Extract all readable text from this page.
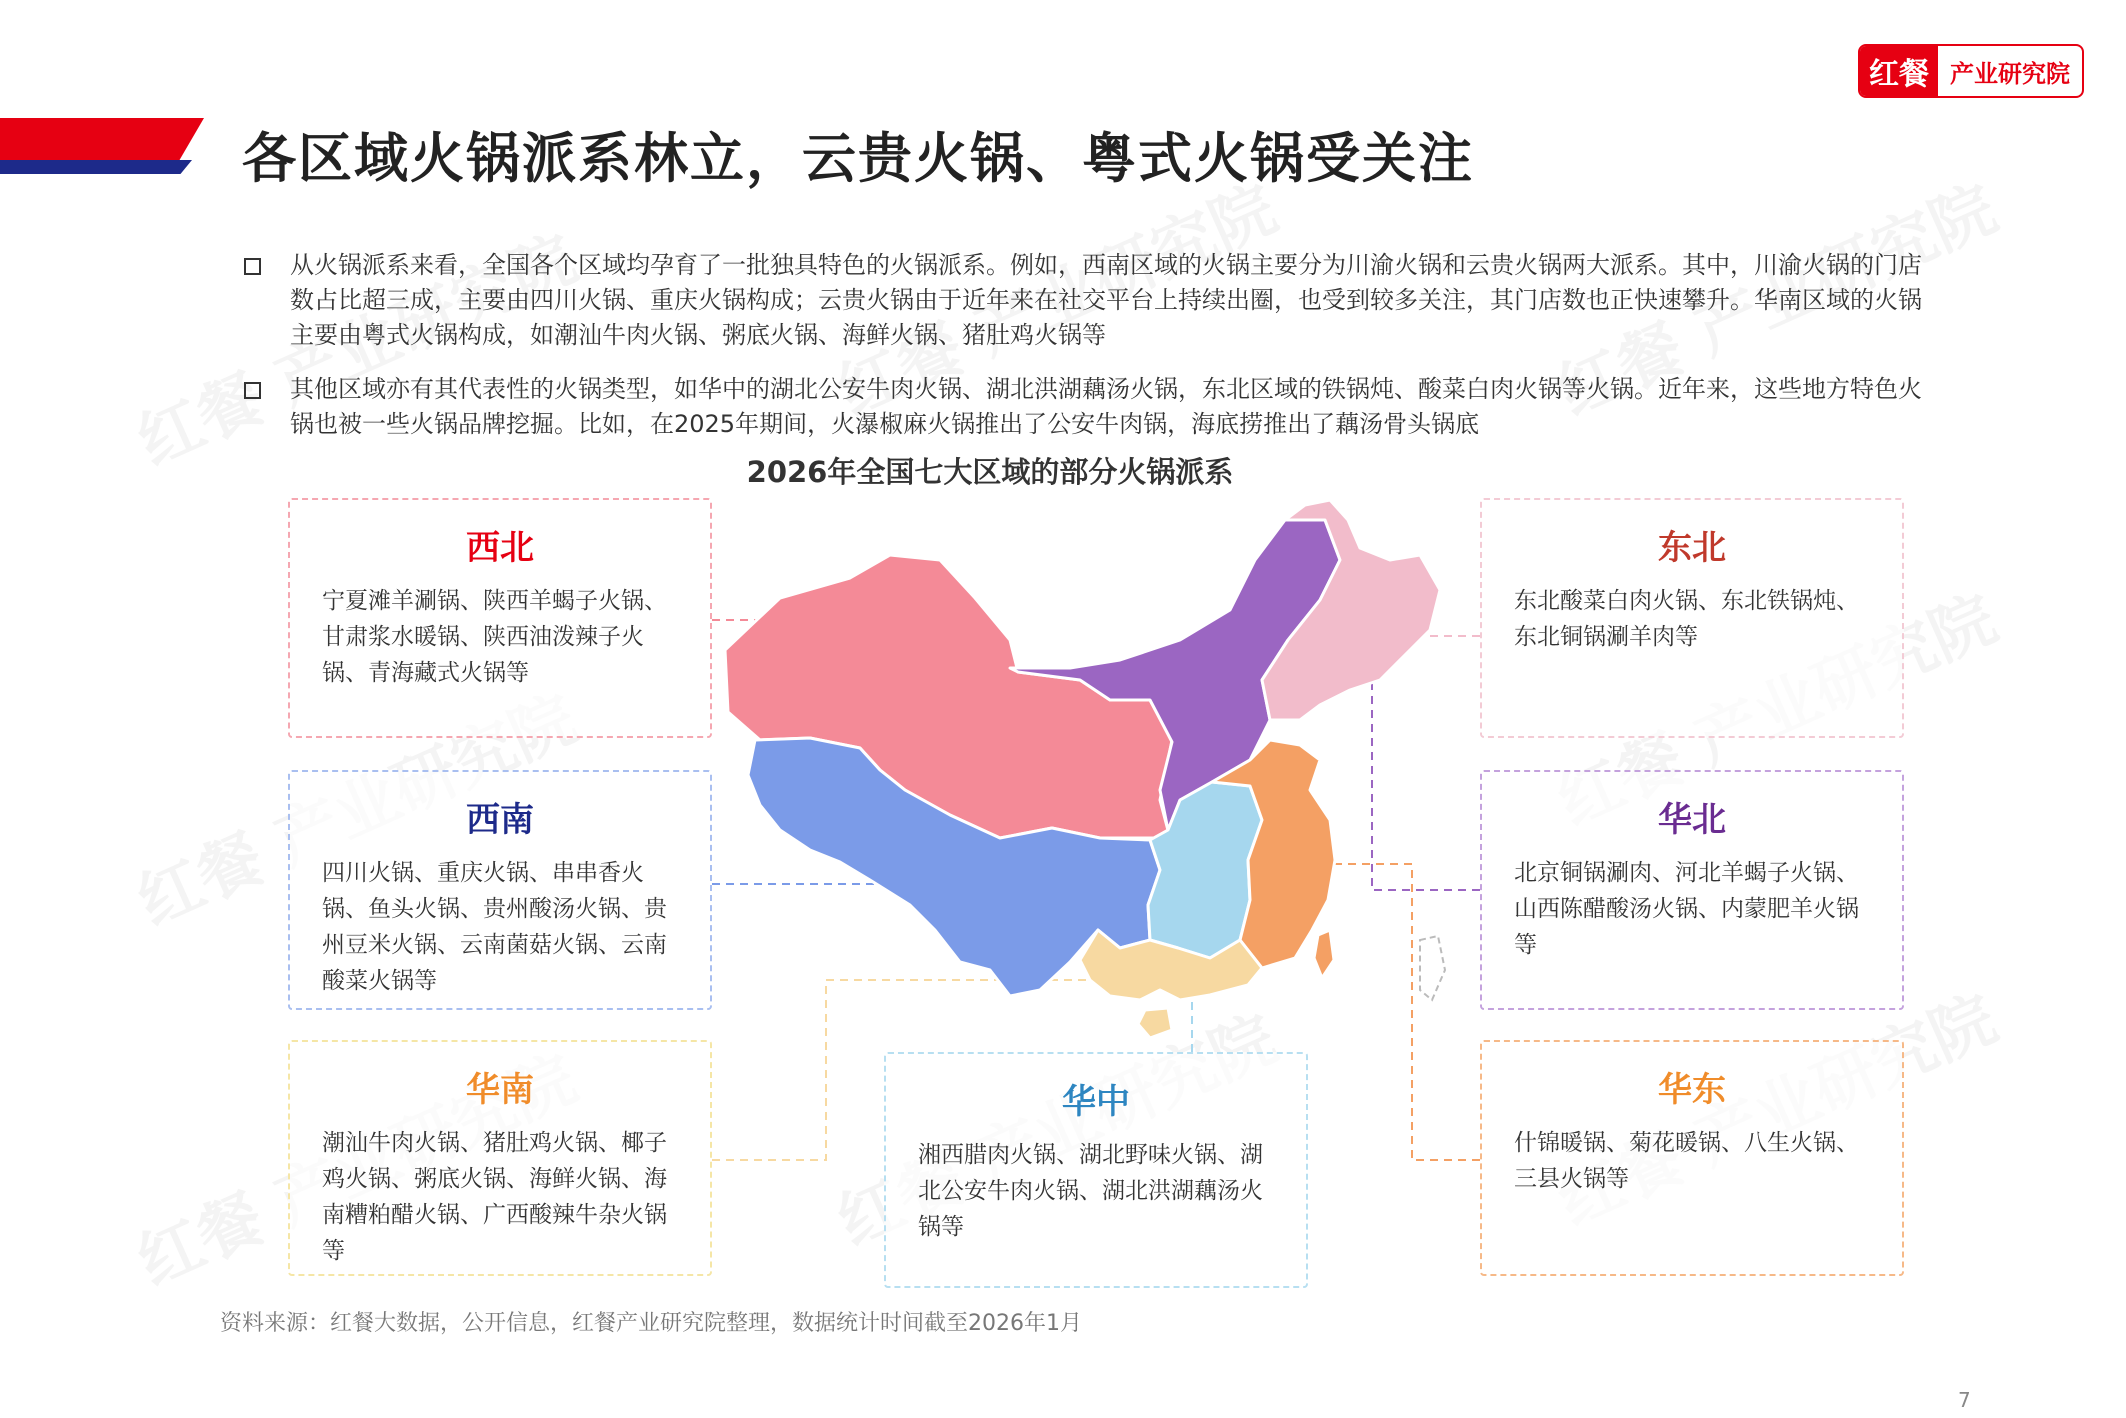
各区域火锅派系林立，云贵火锅、粤式火锅受关注
红餐 产业研究院
从火锅派系来看，全国各个区域均孕育了一批独具特色的火锅派系。例如，西南区域的火锅主要分为川渝火锅和云贵火锅两大派系。其中，川渝火锅的门店数占比超三成，主要由四川火锅、重庆火锅构成；云贵火锅由于近年来在社交平台上持续出圈，也受到较多关注，其门店数也正快速攀升。华南区域的火锅主要由粤式火锅构成，如潮汕牛肉火锅、粥底火锅、海鲜火锅、猪肚鸡火锅等
其他区域亦有其代表性的火锅类型，如华中的湖北公安牛肉火锅、湖北洪湖藕汤火锅，东北区域的铁锅炖、酸菜白肉火锅等火锅。近年来，这些地方特色火锅也被一些火锅品牌挖掘。比如，在2025年期间，火瀑椒麻火锅推出了公安牛肉锅，海底捞推出了藕汤骨头锅底
2026年全国七大区域的部分火锅派系
西北
宁夏滩羊涮锅、陕西羊蝎子火锅、甘肃浆水暖锅、陕西油泼辣子火锅、青海藏式火锅等
西南
四川火锅、重庆火锅、串串香火锅、鱼头火锅、贵州酸汤火锅、贵州豆米火锅、云南菌菇火锅、云南酸菜火锅等
华南
潮汕牛肉火锅、猪肚鸡火锅、椰子鸡火锅、粥底火锅、海鲜火锅、海南糟粕醋火锅、广西酸辣牛杂火锅等
华中
湘西腊肉火锅、湖北野味火锅、湖北公安牛肉火锅、湖北洪湖藕汤火锅等
东北
东北酸菜白肉火锅、东北铁锅炖、东北铜锅涮羊肉等
华北
北京铜锅涮肉、河北羊蝎子火锅、山西陈醋酸汤火锅、内蒙肥羊火锅等
华东
什锦暖锅、菊花暖锅、八生火锅、三县火锅等
资料来源：红餐大数据，公开信息，红餐产业研究院整理，数据统计时间截至2026年1月
7
